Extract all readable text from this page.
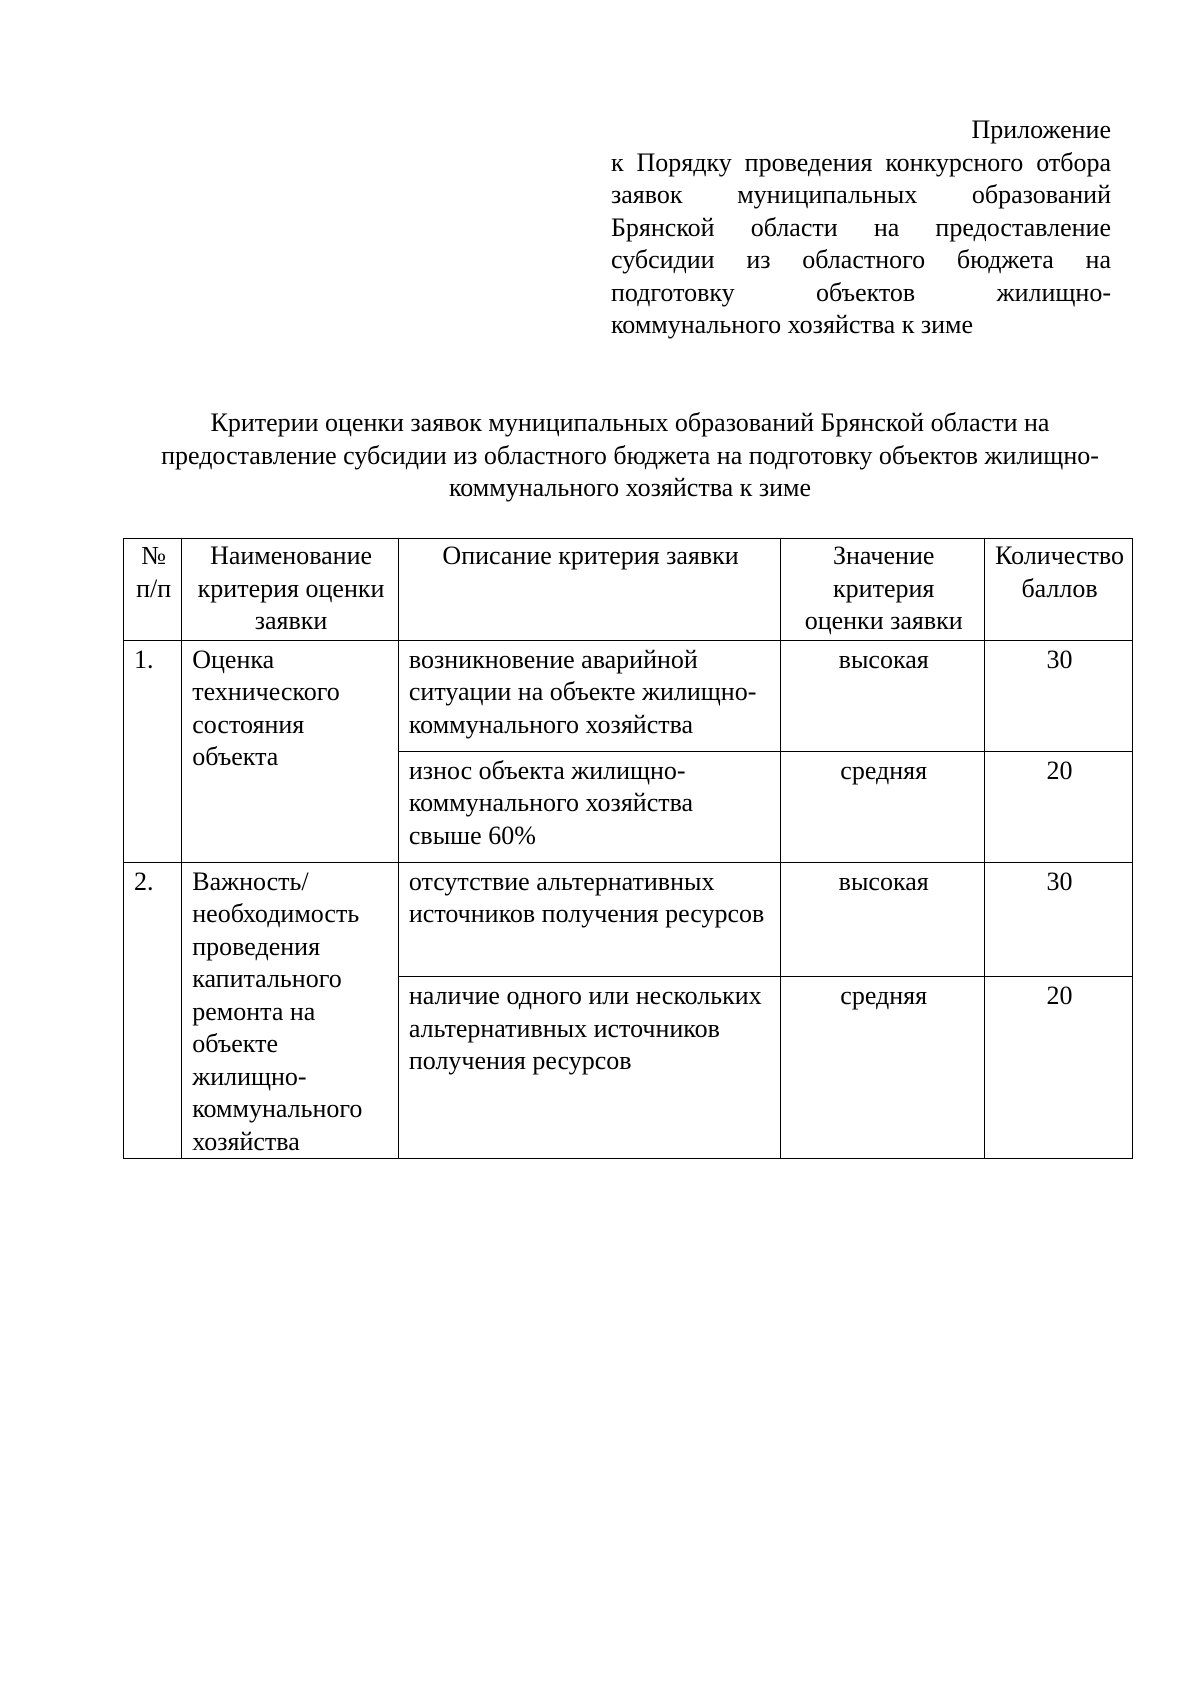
Приложение
к Порядку проведения конкурсного отбора заявок муниципальных образований Брянской области на предоставление субсидии из областного бюджета на подготовку объектов жилищно-коммунального хозяйства к зиме
Критерии оценки заявок муниципальных образований Брянской области на предоставление субсидии из областного бюджета на подготовку объектов жилищно-коммунального хозяйства к зиме
№ п/п	Наименование критерия оценки заявки	Описание критерия заявки	Значение критерия оценки заявки	Количество баллов
1.	Оценка технического состояния объекта	возникновение аварийной ситуации на объекте жилищно-коммунального хозяйства	высокая	30
		износ объекта жилищно-коммунального хозяйства свыше 60%	средняя	20
2.	Важность/ необходимость проведения капитального ремонта на объекте жилищно-коммунального хозяйства	отсутствие альтернативных источников получения ресурсов	высокая	30
		наличие одного или нескольких альтернативных источников получения ресурсов	средняя	20
